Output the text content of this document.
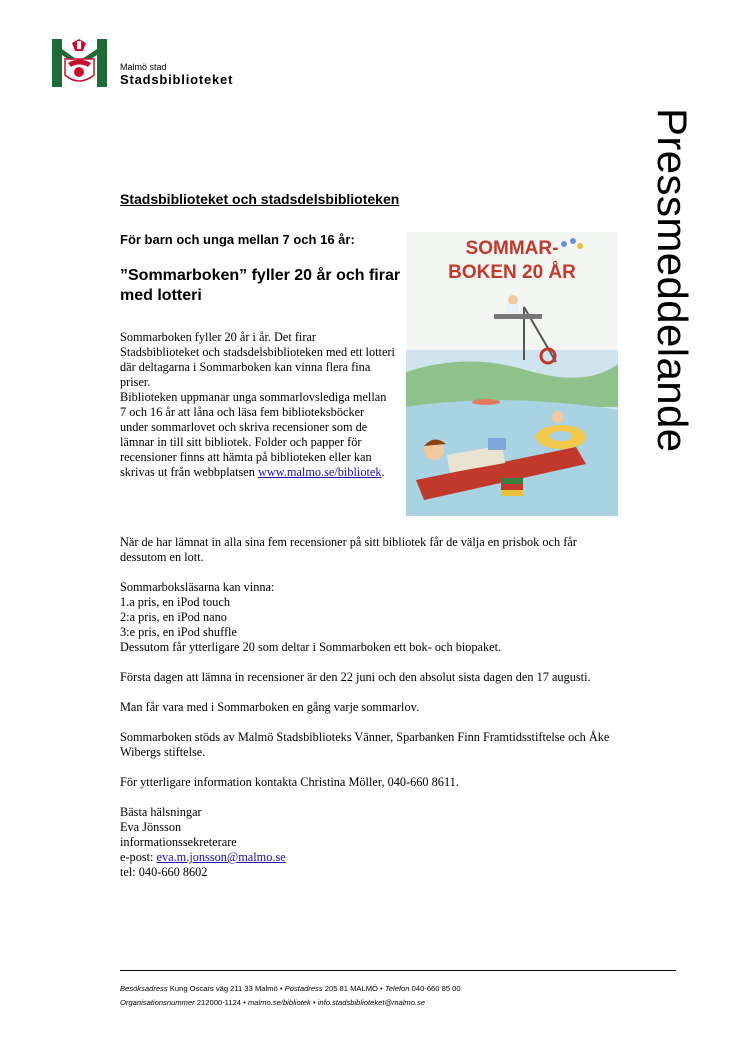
Malmö stad
Stadsbiblioteket
Pressmeddelande
Stadsbiblioteket och stadsdelsbiblioteken
För barn och unga mellan 7 och 16 år:
”Sommarboken” fyller 20 år och firar med lotteri
SOMMAR-
BOKEN 20 ÅR
Sommarboken fyller 20 år i år. Det firar Stadsbiblioteket och stadsdelsbiblioteken med ett lotteri där deltagarna i Sommarboken kan vinna flera fina priser.
Biblioteken uppmanar unga sommarlovslediga mellan 7 och 16 år att låna och läsa fem biblioteksböcker under sommarlovet och skriva recensioner som de lämnar in till sitt bibliotek. Folder och papper för recensioner finns att hämta på biblioteken eller kan skrivas ut från webbplatsen www.malmo.se/bibliotek.

När de har lämnat in alla sina fem recensioner på sitt bibliotek får de välja en prisbok och får dessutom en lott.

Sommarboksläsarna kan vinna:

1.a pris, en iPod touch

2:a pris, en iPod nano

3:e pris, en iPod shuffle

Dessutom får ytterligare 20 som deltar i Sommarboken ett bok- och biopaket.

Första dagen att lämna in recensioner är den 22 juni och den absolut sista dagen den 17 augusti.

Man får vara med i Sommarboken en gång varje sommarlov.

Sommarboken stöds av Malmö Stadsbiblioteks Vänner, Sparbanken Finn Framtidsstiftelse och Åke Wibergs stiftelse.

För ytterligare information kontakta Christina Möller, 040-660 8611.

Bästa hälsningar

Eva Jönsson

informationssekreterare

e-post: eva.m.jonsson@malmo.se

tel: 040-660 8602

Besöksadress Kung Oscars väg 211 33 Malmö • Postadress 205 81 MALMÖ • Telefon 040-660 85 00
Organisationsnummer 212000-1124 • malmo.se/bibliotek • info.stadsbiblioteket@malmo.se
